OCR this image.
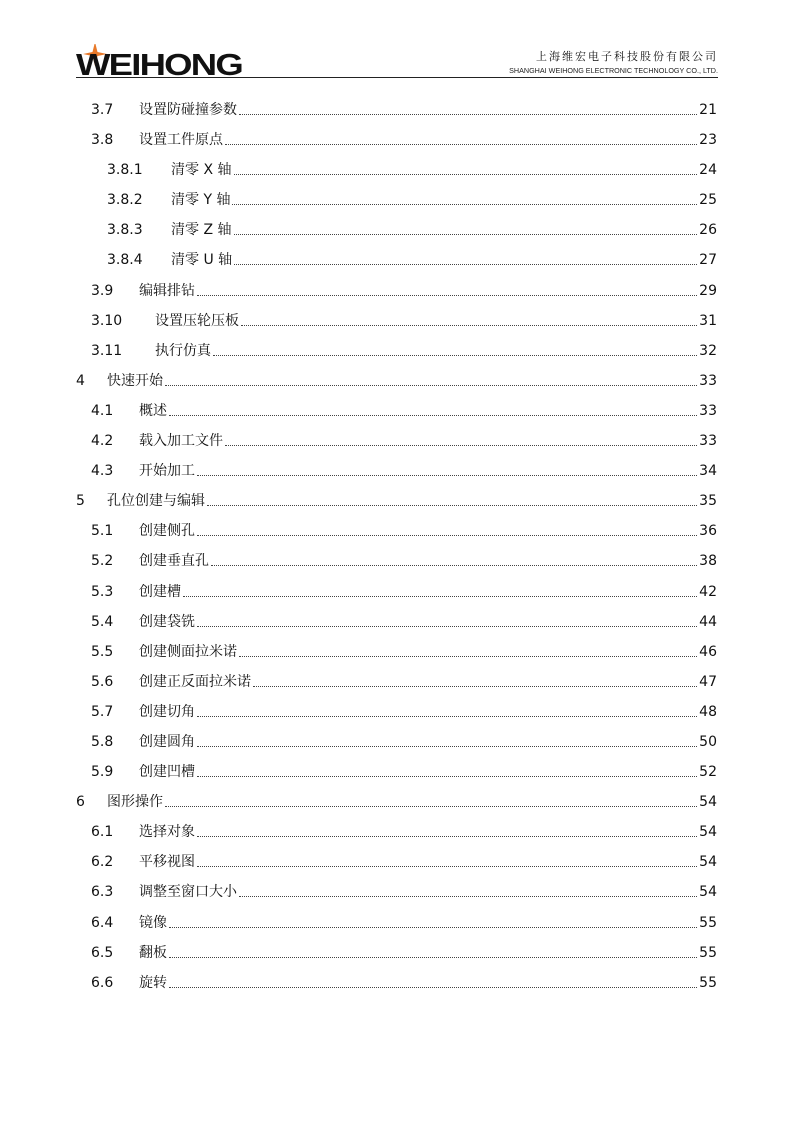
WEIHONG	上海维宏电子科技股份有限公司
SHANGHAI WEIHONG ELECTRONIC TECHNOLOGY CO., LTD.
3.7	设置防碰撞参数	21
3.8	设置工件原点	23
3.8.1	清零 X 轴	24
3.8.2	清零 Y 轴	25
3.8.3	清零 Z 轴	26
3.8.4	清零 U 轴	27
3.9	编辑排钻	29
3.10	设置压轮压板	31
3.11	执行仿真	32
4	快速开始	33
4.1	概述	33
4.2	载入加工文件	33
4.3	开始加工	34
5	孔位创建与编辑	35
5.1	创建侧孔	36
5.2	创建垂直孔	38
5.3	创建槽	42
5.4	创建袋铣	44
5.5	创建侧面拉米诺	46
5.6	创建正反面拉米诺	47
5.7	创建切角	48
5.8	创建圆角	50
5.9	创建凹槽	52
6	图形操作	54
6.1	选择对象	54
6.2	平移视图	54
6.3	调整至窗口大小	54
6.4	镜像	55
6.5	翻板	55
6.6	旋转	55
